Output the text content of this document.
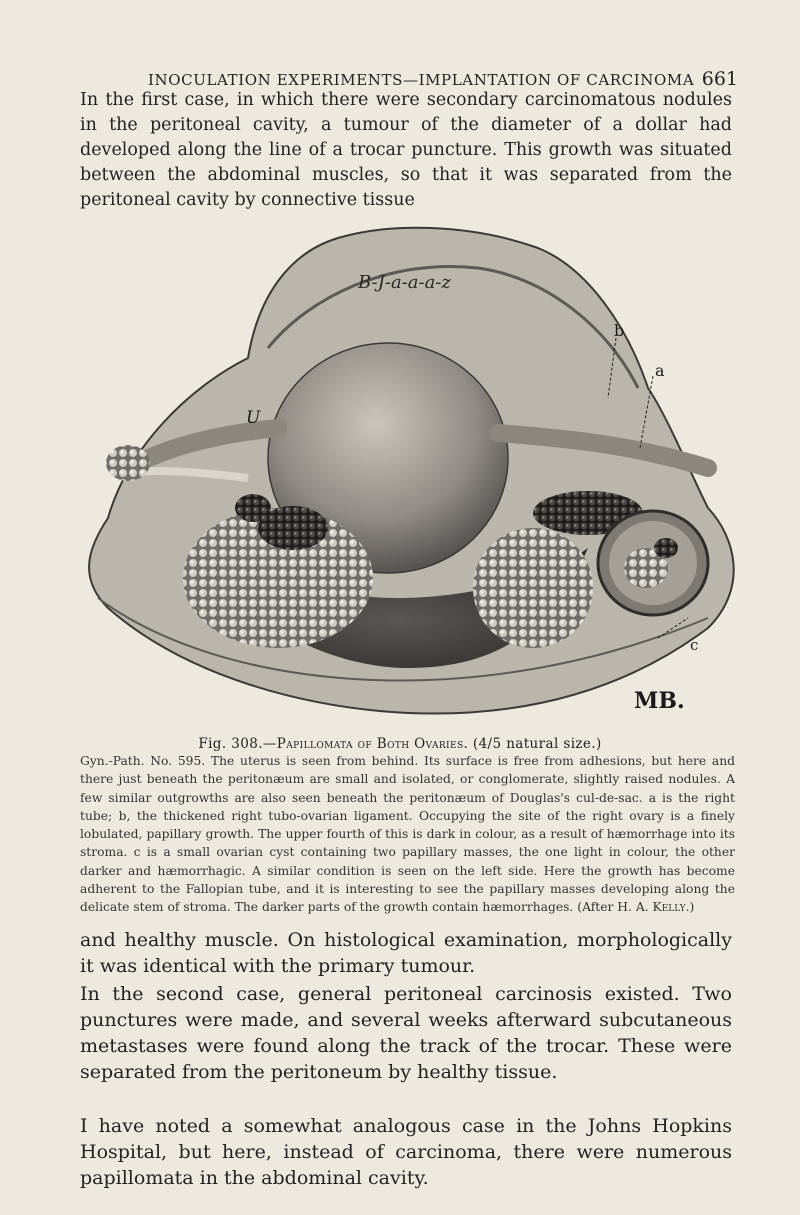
INOCULATION EXPERIMENTS—IMPLANTATION OF CARCINOMA 661

In the first case, in which there were secondary carcinomatous nodules in the peritoneal cavity, a tumour of the diameter of a dollar had developed along the line of a trocar puncture. This growth was situated between the abdominal muscles, so that it was separated from the peritoneal cavity by connective tissue

B-J-a-a-a-z
U
b
a
c
MB.
Fig. 308.—Papillomata of Both Ovaries. (4/5 natural size.)

Gyn.-Path. No. 595. The uterus is seen from behind. Its surface is free from adhesions, but here and there just beneath the peritonæum are small and isolated, or conglomerate, slightly raised nodules. A few similar outgrowths are also seen beneath the peritonæum of Douglas's cul-de-sac. a is the right tube; b, the thickened right tubo-ovarian ligament. Occupying the site of the right ovary is a finely lobulated, papillary growth. The upper fourth of this is dark in colour, as a result of hæmorrhage into its stroma. c is a small ovarian cyst containing two papillary masses, the one light in colour, the other darker and hæmorrhagic. A similar condition is seen on the left side. Here the growth has become adherent to the Fallopian tube, and it is interesting to see the papillary masses developing along the delicate stem of stroma. The darker parts of the growth contain hæmorrhages. (After H. A. Kelly.)

and healthy muscle. On histological examination, morphologically it was identical with the primary tumour.

In the second case, general peritoneal carcinosis existed. Two punctures were made, and several weeks afterward subcutaneous metastases were found along the track of the trocar. These were separated from the peritoneum by healthy tissue.

I have noted a somewhat analogous case in the Johns Hopkins Hospital, but here, instead of carcinoma, there were numerous papillomata in the abdominal cavity.
